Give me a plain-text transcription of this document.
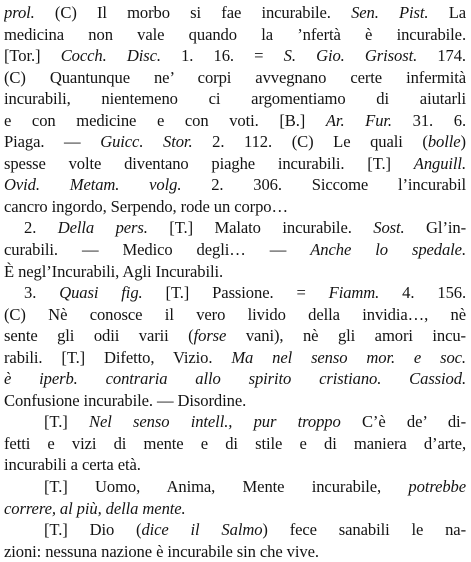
prol. (C) Il morbo si fae incurabile. Sen. Pist. La
medicina non vale quando la ’nfertà è incurabile.
[Tor.] Cocch. Disc. 1. 16. = S. Gio. Grisost. 174.
(C) Quantunque ne’ corpi avvegnano certe infermità
incurabili, nientemeno ci argomentiamo di aiutarli
e con medicine e con voti. [B.] Ar. Fur. 31. 6.
Piaga. — Guicc. Stor. 2. 112. (C) Le quali (bolle)
spesse volte diventano piaghe incurabili. [T.] Anguill.
Ovid. Metam. volg. 2. 306. Siccome l’incurabil
cancro ingordo, Serpendo, rode un corpo…
2. Della pers. [T.] Malato incurabile. Sost. Gl’in-
curabili. — Medico degli… — Anche lo spedale.
È negl’Incurabili, Agli Incurabili.
3. Quasi fig. [T.] Passione. = Fiamm. 4. 156.
(C) Nè conosce il vero livido della invidia…, nè
sente gli odii varii (forse vani), nè gli amori incu-
rabili. [T.] Difetto, Vizio. Ma nel senso mor. e soc.
è iperb. contraria allo spirito cristiano. Cassiod.
Confusione incurabile. — Disordine.
[T.] Nel senso intell., pur troppo C’è de’ di-
fetti e vizi di mente e di stile e di maniera d’arte,
incurabili a certa età.
[T.] Uomo, Anima, Mente incurabile, potrebbe
correre, al più, della mente.
[T.] Dio (dice il Salmo) fece sanabili le na-
zioni: nessuna nazione è incurabile sin che vive.
